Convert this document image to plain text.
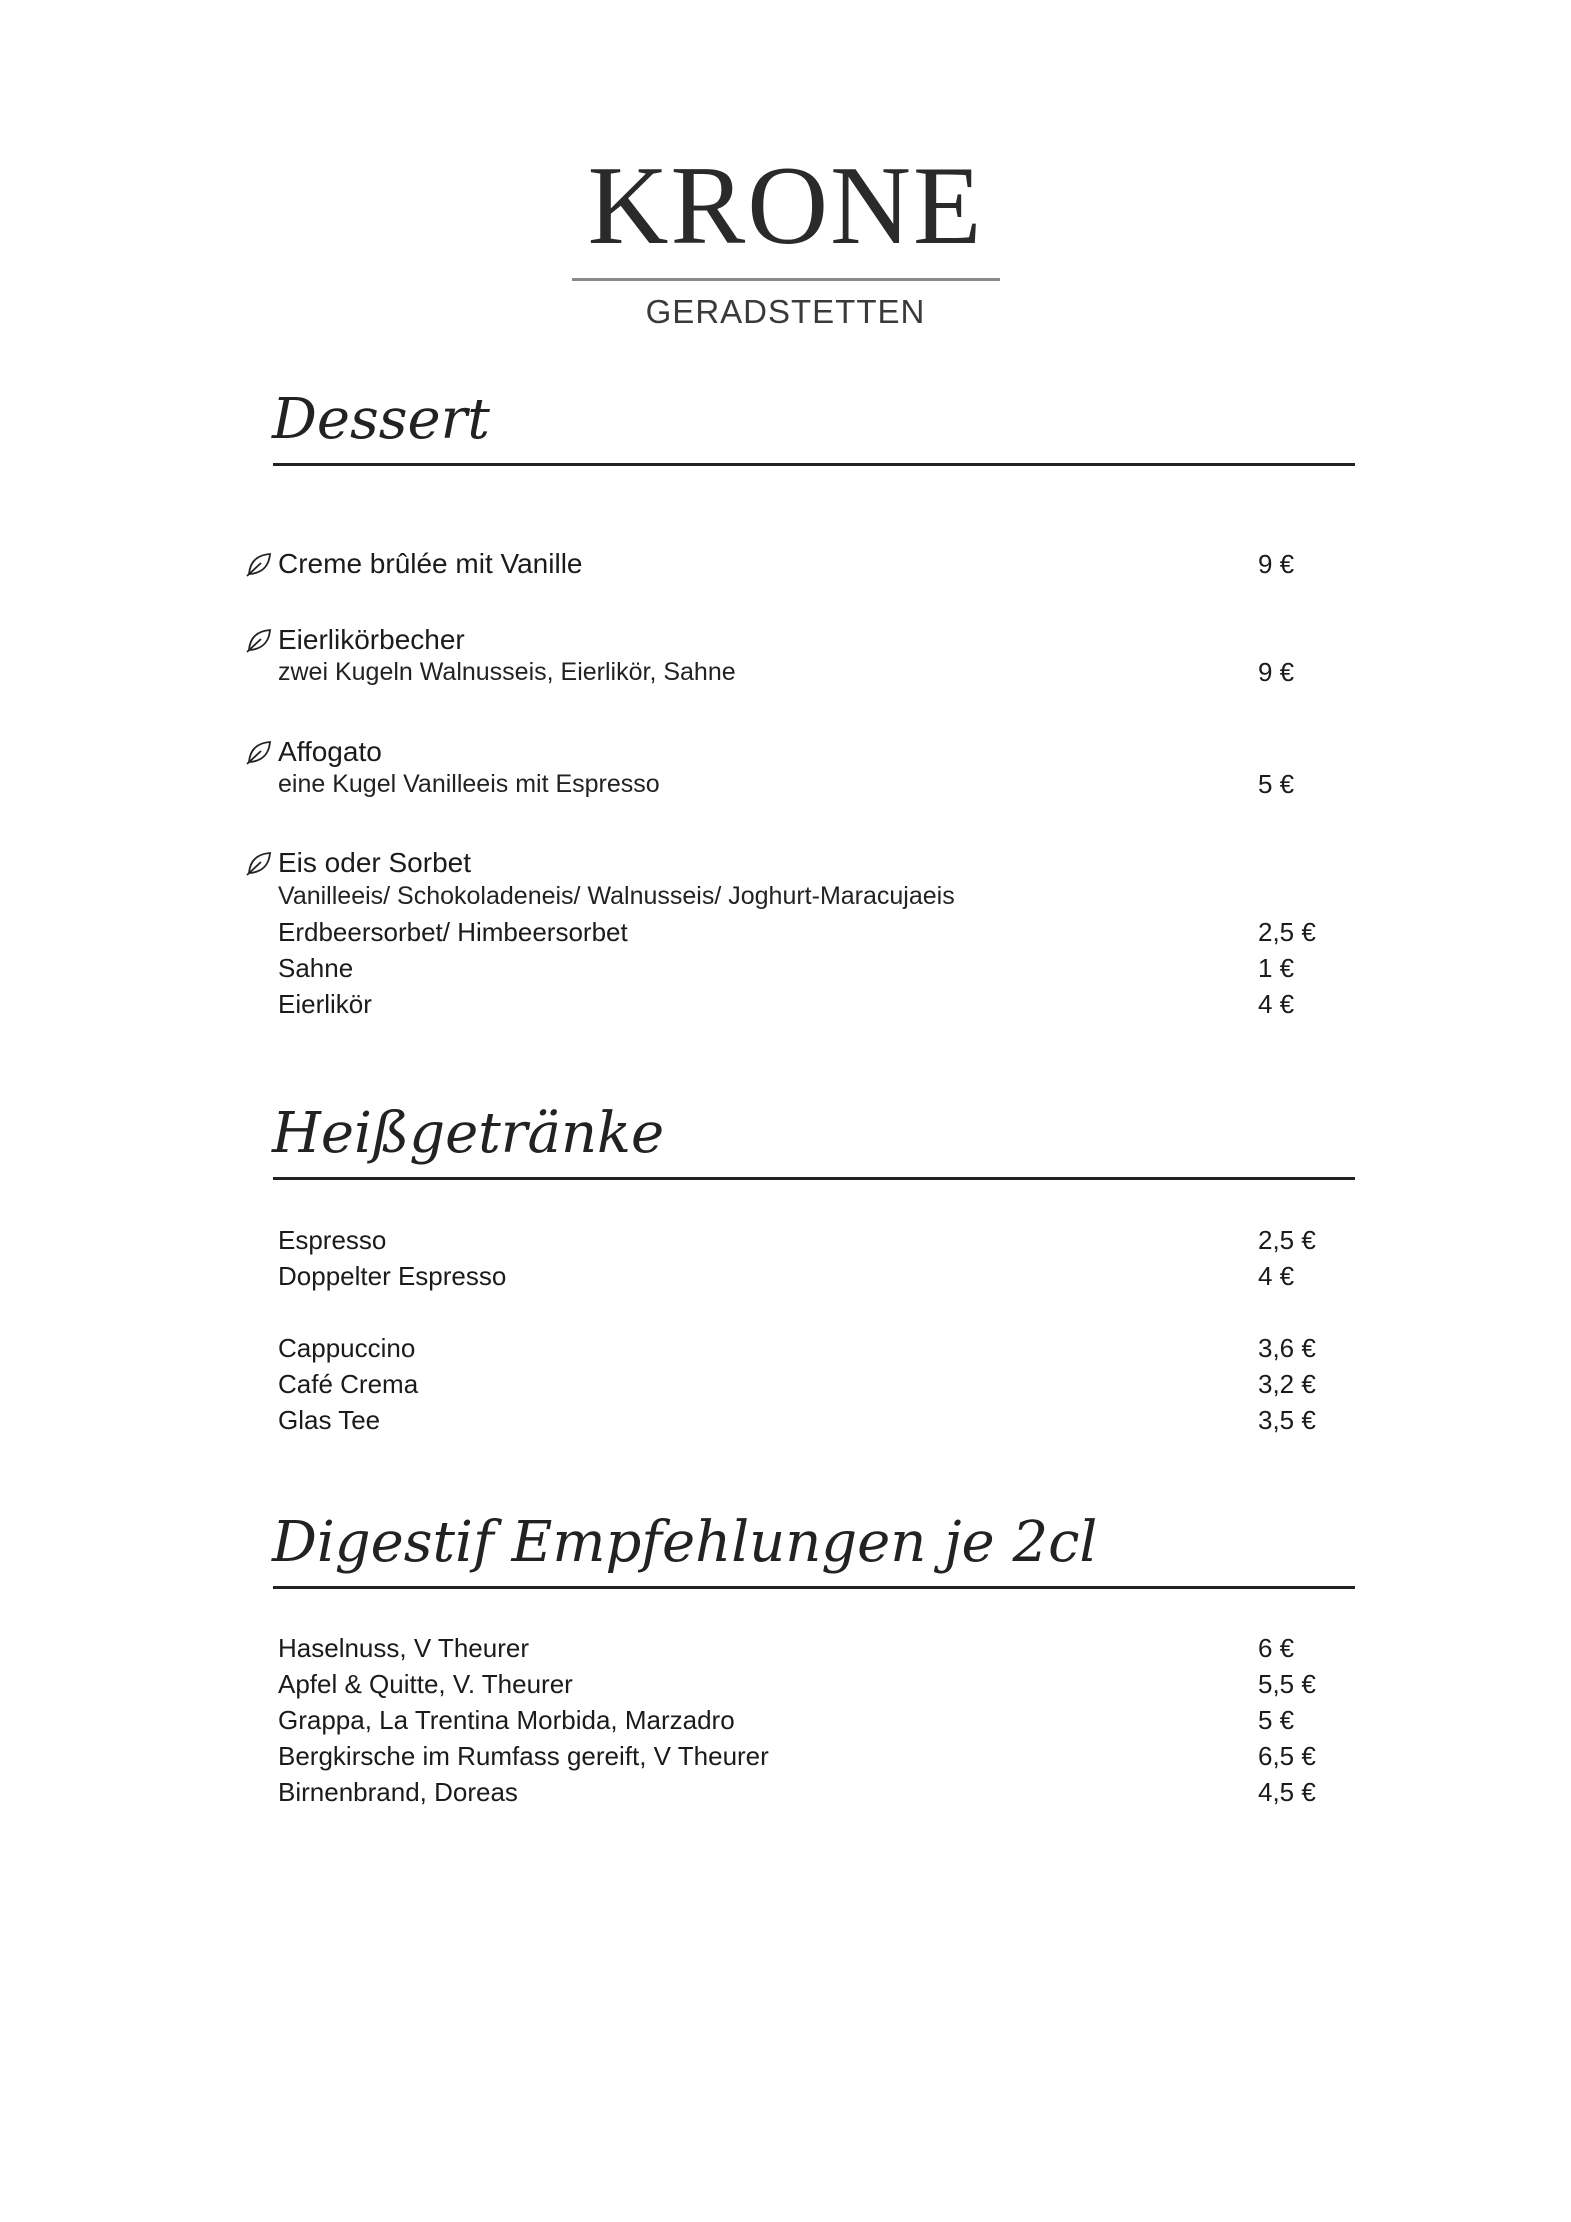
KRONE
GERADSTETTEN
Dessert
Creme brûlée mit Vanille	9 €
Eierlikörbecher
zwei Kugeln Walnusseis, Eierlikör, Sahne	9 €
Affogato
eine Kugel Vanilleeis mit Espresso	5 €
Eis oder Sorbet
Vanilleeis/ Schokoladeneis/ Walnusseis/ Joghurt-Maracujaeis
Erdbeersorbet/ Himbeersorbet	2,5 €
Sahne	1 €
Eierlikör	4 €
Heißgetränke
Espresso	2,5 €
Doppelter Espresso	4 €
Cappuccino	3,6 €
Café Crema	3,2 €
Glas Tee	3,5 €
Digestif Empfehlungen je 2cl
Haselnuss, V Theurer	6 €
Apfel & Quitte, V. Theurer	5,5 €
Grappa, La Trentina Morbida, Marzadro	5 €
Bergkirsche im Rumfass gereift, V Theurer	6,5 €
Birnenbrand, Doreas	4,5 €
